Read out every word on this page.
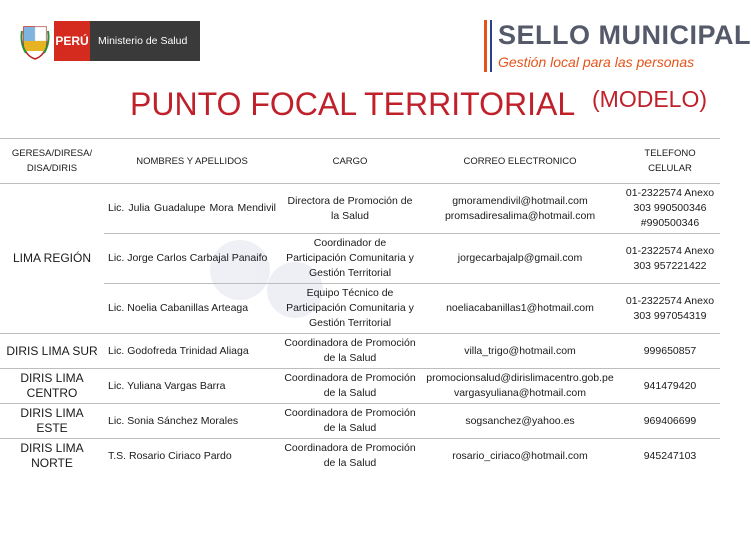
PERÚ Ministerio de Salud	SELLO MUNICIPAL
Gestión local para las personas
PUNTO FOCAL TERRITORIAL (MODELO)
GERESA/DIRESA/ DISA/DIRIS	NOMBRES Y APELLIDOS	CARGO	CORREO ELECTRONICO	TELEFONO CELULAR
LIMA REGIÓN	Lic. Julia Guadalupe Mora Mendivil	Directora de Promoción de la Salud	gmoramendivil@hotmail.com promsadiresalima@hotmail.com	01-2322574 Anexo 303 990500346 #990500346
	Lic. Jorge Carlos Carbajal Panaifo	Coordinador de Participación Comunitaria y Gestión Territorial	jorgecarbajalp@gmail.com	01-2322574 Anexo 303 957221422
	Lic. Noelia Cabanillas Arteaga	Equipo Técnico de Participación Comunitaria y Gestión Territorial	noeliacabanillas1@hotmail.com	01-2322574 Anexo 303 997054319
DIRIS LIMA SUR	Lic. Godofreda Trinidad Aliaga	Coordinadora de Promoción de la Salud	villa_trigo@hotmail.com	999650857
DIRIS LIMA CENTRO	Lic. Yuliana Vargas Barra	Coordinadora de Promoción de la Salud	promocionsalud@dirislimacentro.gob.pe vargasyuliana@hotmail.com	941479420
DIRIS LIMA ESTE	Lic. Sonia Sánchez Morales	Coordinadora de Promoción de la Salud	sogsanchez@yahoo.es	969406699
DIRIS LIMA NORTE	T.S. Rosario Ciriaco Pardo	Coordinadora de Promoción de la Salud	rosario_ciriaco@hotmail.com	945247103
